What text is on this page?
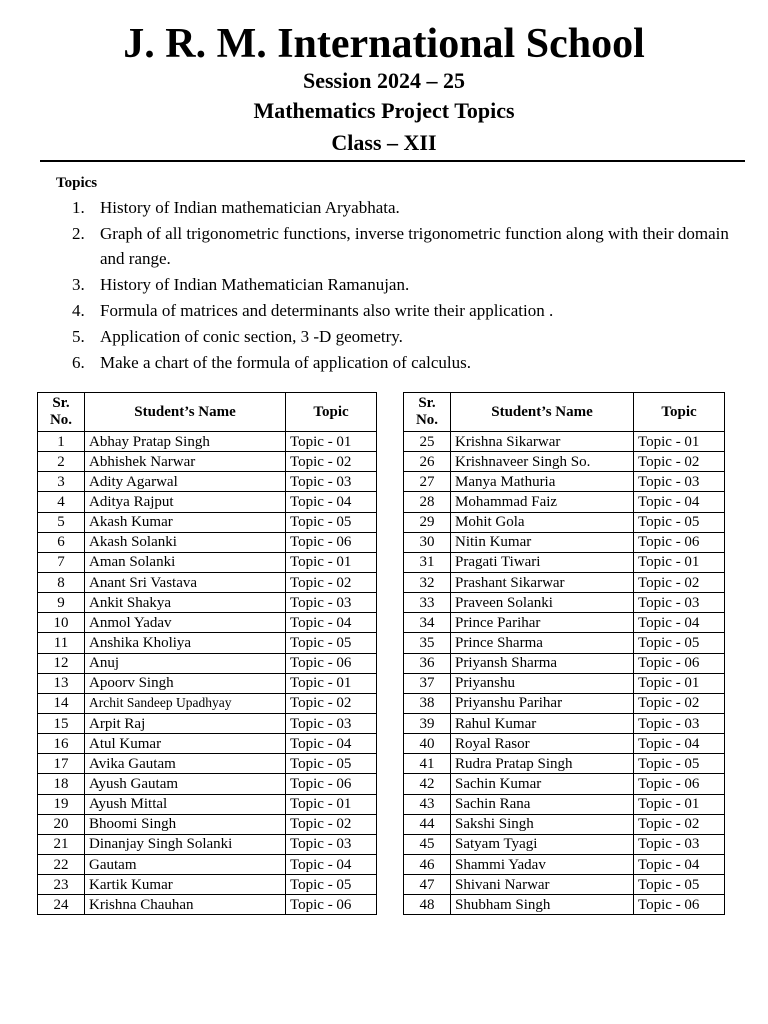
J. R. M. International School
Session 2024 – 25
Mathematics Project Topics
Class – XII
Topics
1. History of Indian mathematician Aryabhata.
2. Graph of all trigonometric functions, inverse trigonometric function along with their domain and range.
3. History of Indian Mathematician Ramanujan.
4. Formula of matrices and determinants also write their application .
5. Application of conic section, 3 -D geometry.
6. Make a chart of the formula of application of calculus.
Sr.
No.	Student’s Name	Topic
1	Abhay Pratap Singh	Topic - 01
2	Abhishek Narwar	Topic - 02
3	Adity Agarwal	Topic - 03
4	Aditya Rajput	Topic - 04
5	Akash Kumar	Topic - 05
6	Akash Solanki	Topic - 06
7	Aman Solanki	Topic - 01
8	Anant Sri Vastava	Topic - 02
9	Ankit Shakya	Topic - 03
10	Anmol Yadav	Topic - 04
11	Anshika Kholiya	Topic - 05
12	Anuj	Topic - 06
13	Apoorv Singh	Topic - 01
14	Archit Sandeep Upadhyay	Topic - 02
15	Arpit Raj	Topic - 03
16	Atul Kumar	Topic - 04
17	Avika Gautam	Topic - 05
18	Ayush Gautam	Topic - 06
19	Ayush Mittal	Topic - 01
20	Bhoomi Singh	Topic - 02
21	Dinanjay Singh Solanki	Topic - 03
22	Gautam	Topic - 04
23	Kartik Kumar	Topic - 05
24	Krishna Chauhan	Topic - 06
Sr.
No.	Student’s Name	Topic
25	Krishna Sikarwar	Topic - 01
26	Krishnaveer Singh So.	Topic - 02
27	Manya Mathuria	Topic - 03
28	Mohammad Faiz	Topic - 04
29	Mohit Gola	Topic - 05
30	Nitin Kumar	Topic - 06
31	Pragati Tiwari	Topic - 01
32	Prashant Sikarwar	Topic - 02
33	Praveen Solanki	Topic - 03
34	Prince Parihar	Topic - 04
35	Prince Sharma	Topic - 05
36	Priyansh Sharma	Topic - 06
37	Priyanshu	Topic - 01
38	Priyanshu Parihar	Topic - 02
39	Rahul Kumar	Topic - 03
40	Royal Rasor	Topic - 04
41	Rudra Pratap Singh	Topic - 05
42	Sachin Kumar	Topic - 06
43	Sachin Rana	Topic - 01
44	Sakshi Singh	Topic - 02
45	Satyam Tyagi	Topic - 03
46	Shammi Yadav	Topic - 04
47	Shivani Narwar	Topic - 05
48	Shubham Singh	Topic - 06
